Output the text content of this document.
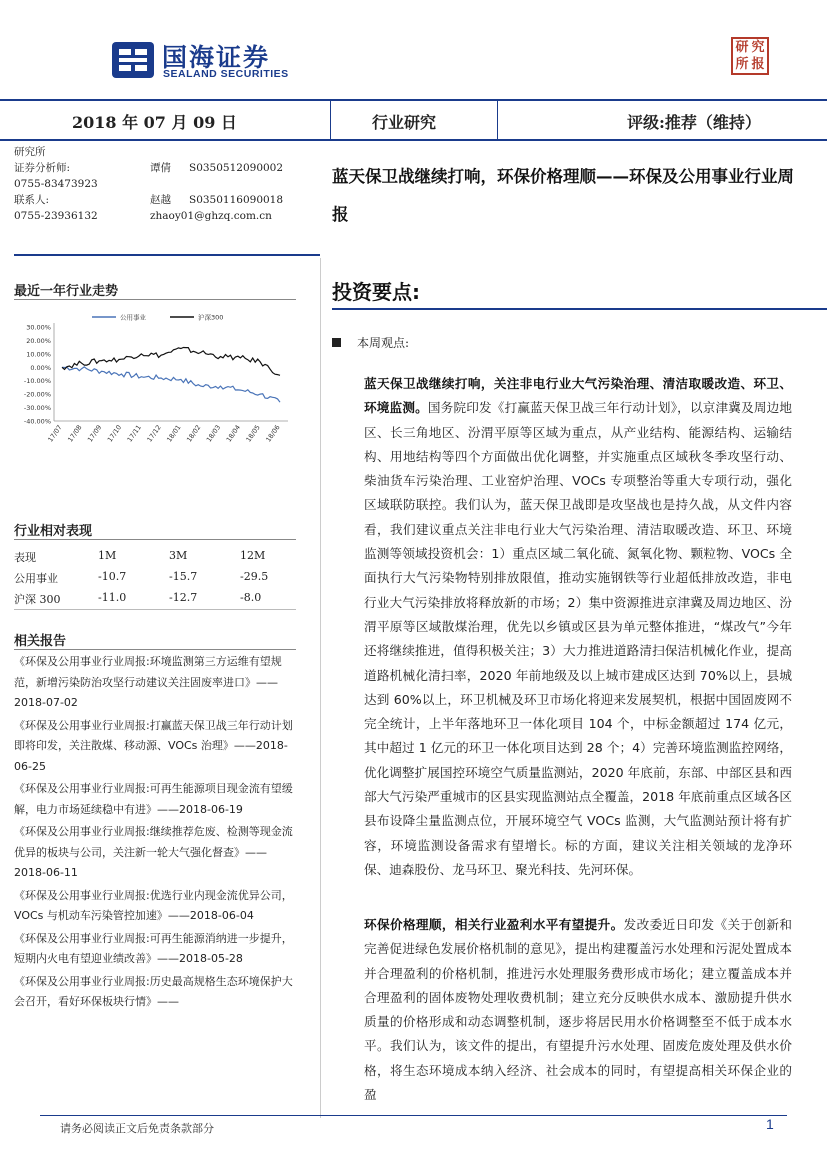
国海证券
SEALAND SECURITIES
研 究
所 报
2018 年 07 月 09 日	行业研究	评级:推荐（维持）
研究所
证券分析师:	谭倩 S0350512090002
0755-83473923
联系人:	赵越 S0350116090018
0755-23936132	zhaoy01@ghzq.com.cn
蓝天保卫战继续打响，环保价格理顺——环保及公用事业行业周报
最近一年行业走势
30.00%
20.00%
10.00%
0.00%
-10.00%
-20.00%
-30.00%
-40.00%
17/07 17/08 17/09 17/10 17/11 17/12 18/01 18/02 18/03 18/04 18/05 18/06
公用事业	沪深300
行业相对表现
表现	1M	3M	12M
公用事业	-10.7	-15.7	-29.5
沪深 300	-11.0	-12.7	-8.0
相关报告
《环保及公用事业行业周报:环境监测第三方运维有望规范，新增污染防治攻坚行动建议关注固废率进口》——2018-07-02
《环保及公用事业行业周报:打赢蓝天保卫战三年行动计划即将印发，关注散煤、移动源、VOCs 治理》——2018-06-25
《环保及公用事业行业周报:可再生能源项目现金流有望缓解，电力市场延续稳中有进》——2018-06-19
《环保及公用事业行业周报:继续推荐危废、检测等现金流优异的板块与公司，关注新一轮大气强化督查》——2018-06-11
《环保及公用事业行业周报:优选行业内现金流优异公司，VOCs 与机动车污染管控加速》——2018-06-04
《环保及公用事业行业周报:可再生能源消纳进一步提升，短期内火电有望迎业绩改善》——2018-05-28
《环保及公用事业行业周报:历史最高规格生态环境保护大会召开，看好环保板块行情》——
投资要点:
本周观点:
蓝天保卫战继续打响，关注非电行业大气污染治理、清洁取暖改造、环卫、环境监测。国务院印发《打赢蓝天保卫战三年行动计划》，以京津冀及周边地区、长三角地区、汾渭平原等区域为重点，从产业结构、能源结构、运输结构、用地结构等四个方面做出优化调整，并实施重点区域秋冬季攻坚行动、柴油货车污染治理、工业窑炉治理、VOCs 专项整治等重大专项行动，强化区域联防联控。我们认为，蓝天保卫战即是攻坚战也是持久战，从文件内容看，我们建议重点关注非电行业大气污染治理、清洁取暖改造、环卫、环境监测等领域投资机会：1）重点区域二氧化硫、氮氧化物、颗粒物、VOCs 全面执行大气污染物特别排放限值，推动实施钢铁等行业超低排放改造，非电行业大气污染排放将释放新的市场；2）集中资源推进京津冀及周边地区、汾渭平原等区域散煤治理，优先以乡镇或区县为单元整体推进，“煤改气”今年还将继续推进，值得积极关注；3）大力推进道路清扫保洁机械化作业，提高道路机械化清扫率，2020 年前地级及以上城市建成区达到 70%以上，县城达到 60%以上，环卫机械及环卫市场化将迎来发展契机，根据中国固废网不完全统计，上半年落地环卫一体化项目 104 个，中标金额超过 174 亿元，其中超过 1 亿元的环卫一体化项目达到 28 个；4）完善环境监测监控网络，优化调整扩展国控环境空气质量监测站，2020 年底前，东部、中部区县和西部大气污染严重城市的区县实现监测站点全覆盖，2018 年底前重点区域各区县布设降尘量监测点位，开展环境空气 VOCs 监测，大气监测站预计将有扩容，环境监测设备需求有望增长。标的方面，建议关注相关领域的龙净环保、迪森股份、龙马环卫、聚光科技、先河环保。
环保价格理顺，相关行业盈利水平有望提升。发改委近日印发《关于创新和完善促进绿色发展价格机制的意见》，提出构建覆盖污水处理和污泥处置成本并合理盈利的价格机制，推进污水处理服务费形成市场化；建立覆盖成本并合理盈利的固体废物处理收费机制；建立充分反映供水成本、激励提升供水质量的价格形成和动态调整机制，逐步将居民用水价格调整至不低于成本水平。我们认为，该文件的提出，有望提升污水处理、固废危废处理及供水价格，将生态环境成本纳入经济、社会成本的同时，有望提高相关环保企业的盈
请务必阅读正文后免责条款部分	1
